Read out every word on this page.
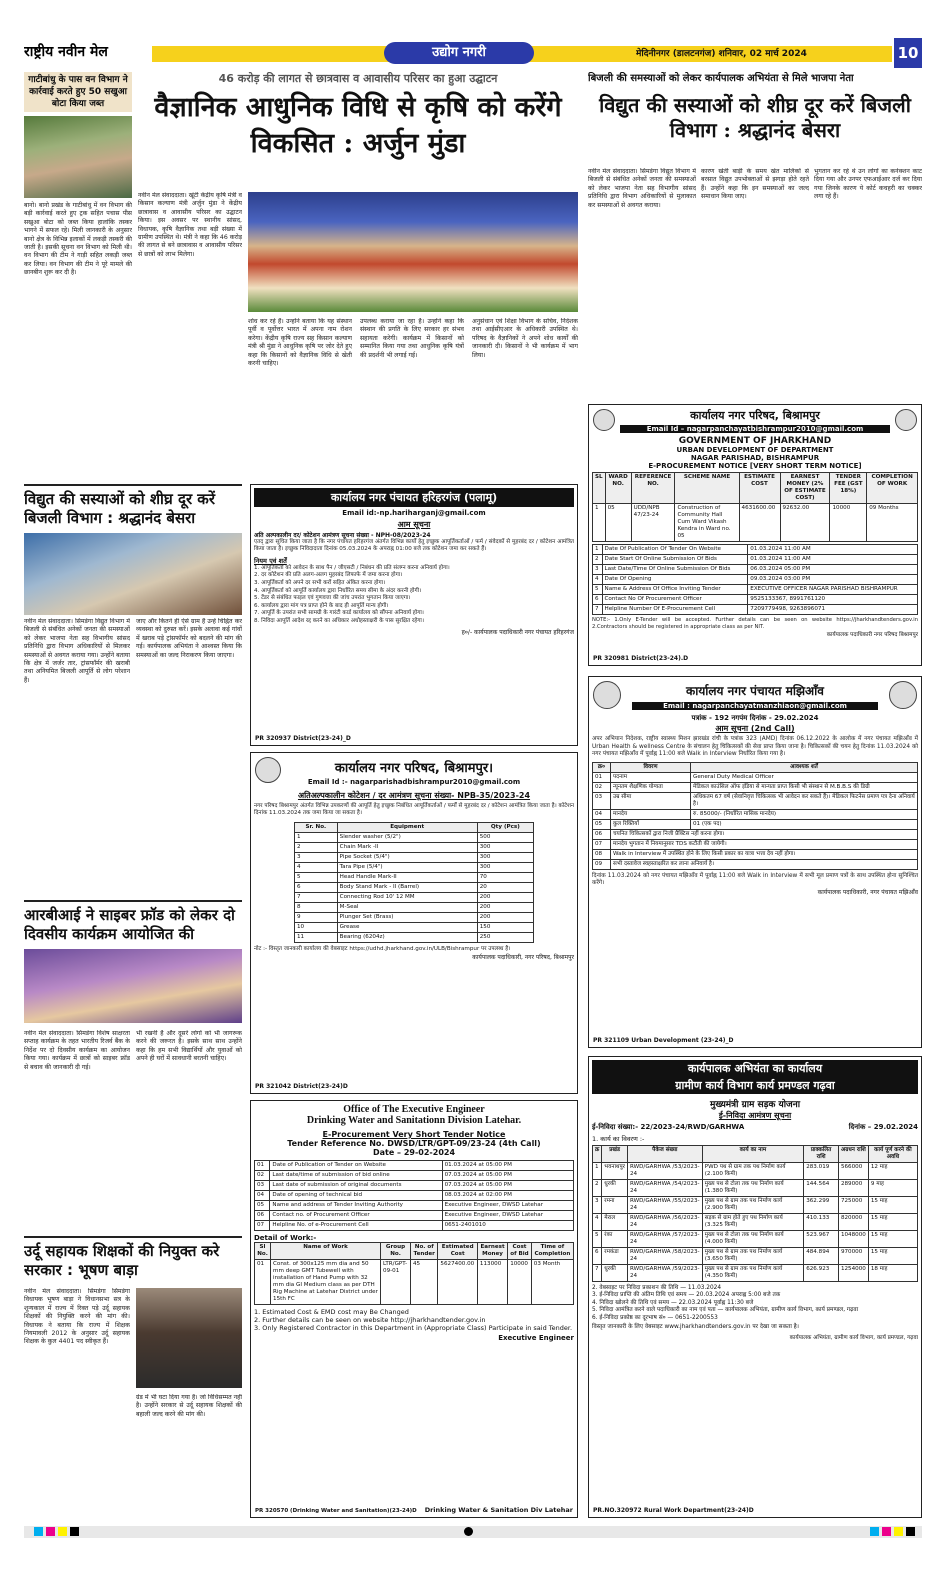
राष्ट्रीय नवीन मेल	उद्योग नगरी	मेदिनीनगर (डालटनगंज) शनिवार, 02 मार्च 2024	10
गाटीबांधु के पास वन विभाग ने कार्रवाई करते हुए 50 सखुआ बोटा किया जब्त
बानो। बानो प्रखंड के गाटीबांधु में वन विभाग की बड़ी कार्रवाई करते हुए ट्रक सहित पचास पीस सखुआ बोटा को जब्त किया हालांकि तस्कर भागने में सफल रहे। मिली जानकारी के अनुसार बानो क्षेत्र के विभिन्न इलाकों में लकड़ी तस्करी की जाती है। इसकी सूचना वन विभाग को मिली थी। वन विभाग की टीम ने गाड़ी सहित लकड़ी जब्त कर लिया। वन विभाग की टीम ने पूरे मामले की छानबीन शुरू कर दी है।
विद्युत की सस्याओं को शीघ्र दूर करें बिजली विभाग : श्रद्धानंद बेसरा
नवीन मेल संवाददाता। सिमडेगा विद्युत विभाग में बिजली से संबंधित अनेकों जनता की समस्याओं को लेकर भाजपा नेता सह विभागीय सांसद प्रतिनिधि द्वारा विभाग अधिकारियों से मिलकर समस्याओं से अवगत कराया गया। उन्होंने बताया कि क्षेत्र में जर्जर तार, ट्रांसफॉर्मर की खराबी तथा अनियमित बिजली आपूर्ति से लोग परेशान हैं।
जाए और कितने ही ऐसे ग्राम हैं उन्हें चिह्नित कर व्यवस्था को दुरुस्त करें। इसके अलावा कई गांवों में खराब पड़े ट्रांसफॉर्मर को बदलने की मांग की गई। कार्यपालक अभियंता ने आश्वस्त किया कि समस्याओं का जल्द निराकरण किया जाएगा।
आरबीआई ने साइबर फ्रॉड को लेकर दो दिवसीय कार्यक्रम आयोजित की
नवीन मेल संवाददाता। सिमडेगा विशेष साक्षरता सप्ताह कार्यक्रम के तहत भारतीय रिजर्व बैंक के निर्देश पर दो दिवसीय कार्यक्रम का आयोजन किया गया। कार्यक्रम में छात्रों को साइबर फ्रॉड से बचाव की जानकारी दी गई।
भी रखनी है और दूसरे लोगों को भी जागरूक करने की जरूरत है। इसके साथ साथ उन्होंने कहा कि हम सभी विद्यार्थियों और युवाओं को अपने ही घरों में सावधानी बरतनी चाहिए।
उर्दू सहायक शिक्षकों की नियुक्त करे सरकार : भूषण बाड़ा
नवीन मेल संवाददाता। सिमडेगा सिमडेगा विधायक भूषण बाड़ा ने विधानसभा सत्र के शून्यकाल में राज्य में रिक्त पड़े उर्दू सहायक शिक्षकों की नियुक्ति करने की मांग की। विधायक ने बताया कि राज्य में शिक्षक नियमावली 2012 के अनुसार उर्दू सहायक शिक्षक के कुल 4401 पद स्वीकृत हैं।
ग्रेड में भी घटा दिया गया है। जो विधिसम्मत नहीं है। उन्होंने सरकार से उर्दू सहायक शिक्षकों की बहाली जल्द करने की मांग की।
46 करोड़ की लागत से छात्रवास व आवासीय परिसर का हुआ उद्घाटन
वैज्ञानिक आधुनिक विधि से कृषि को करेंगे विकसित : अर्जुन मुंडा
नवीन मेल संवाददाता। खूंटी केंद्रीय कृषि मंत्री व किसान कल्याण मंत्री अर्जुन मुंडा ने केंद्रीय छात्रावास व आवासीय परिसर का उद्घाटन किया। इस अवसर पर स्थानीय सांसद, विधायक, कृषि वैज्ञानिक तथा बड़ी संख्या में ग्रामीण उपस्थित थे। मंत्री ने कहा कि 46 करोड़ की लागत से बने छात्रावास व आवासीय परिसर से छात्रों को लाभ मिलेगा।
शोध कर रहे हैं। उन्होंने बताया कि यह संस्थान पूर्वी व पूर्वोत्तर भारत में अपना नाम रोशन करेगा। केंद्रीय कृषि राज्य सह किसान कल्याण मंत्री श्री मुंडा ने आधुनिक कृषि पर जोर देते हुए कहा कि किसानों को वैज्ञानिक विधि से खेती करनी चाहिए।
उपलब्ध कराया जा रहा है। उन्होंने कहा कि संस्थान की प्रगति के लिए सरकार हर संभव सहायता करेगी। कार्यक्रम में किसानों को सम्मानित किया गया तथा आधुनिक कृषि यंत्रों की प्रदर्शनी भी लगाई गई।
अनुसंधान एवं शिक्षा विभाग के सचिव, निदेशक तथा आईसीएआर के अधिकारी उपस्थित थे। परिषद के वैज्ञानिकों ने अपने शोध कार्यों की जानकारी दी। किसानों ने भी कार्यक्रम में भाग लिया।
बिजली की समस्याओं को लेकर कार्यपालक अभियंता से मिले भाजपा नेता
विद्युत की सस्याओं को शीघ्र दूर करें बिजली विभाग : श्रद्धानंद बेसरा
नवीन मेल संवाददाता। सिमडेगा विद्युत विभाग में बिजली से संबंधित अनेकों जनता की समस्याओं को लेकर भाजपा नेता सह विभागीय सांसद प्रतिनिधि द्वारा विभाग अधिकारियों से मुलाकात कर समस्याओं से अवगत कराया।
कारण खेती बाड़ी के समय खेत मालिकों से बरसात विद्युत उपभोक्ताओं से झगड़ा होते रहते हैं। उन्होंने कहा कि इन समस्याओं का जल्द समाधान किया जाए।
भुगतान कर रहे थे उन लोगों का कनेक्शन काट दिया गया और उनपर एफआईआर दर्ज कर दिया गया जिनके कारण ये कोर्ट कचहरी का चक्कर लगा रहे हैं।
कार्यालय नगर पंचायत हरिहरगंज (पलामू)
Email id:-np.hariharganj@gmail.com
आम सूचना
अति अल्पकालीन दर/ कोटेशन आमंत्रण सूचना संख्या - NPH-08/2023-24
एतद् द्वारा सूचित किया जाता है कि नगर पंचायत हरिहरगंज अंतर्गत विभिन्न कार्यों हेतु इच्छुक आपूर्तिकर्ताओं / फर्म / संवेदकों से मुहरबंद दर / कोटेशन आमंत्रित किया जाता है। इच्छुक निविदादाता दिनांक 05.03.2024 के अपराह्न 01:00 बजे तक कोटेशन जमा कर सकते हैं।
नियम एवं शर्तें
1. आपूर्तिकर्ता को आवेदन के साथ पैन / जीएसटी / निबंधन की प्रति संलग्न करना अनिवार्य होगा।
2. दर कोटेशन की प्रति अलग-अलग मुहरबंद लिफाफे में जमा करना होगा।
3. आपूर्तिकर्ता को अपने दर सभी करों सहित अंकित करना होगा।
4. आपूर्तिकर्ता को आपूर्ति कार्यालय द्वारा निर्धारित समय सीमा के अंदर करनी होगी।
5. टेंडर से संबंधित फाइल एवं गुणवत्ता की जांच उपरांत भुगतान किया जाएगा।
6. कार्यालय द्वारा मांग पत्र प्राप्त होने के बाद ही आपूर्ति मान्य होगी।
7. आपूर्ति के उपरांत सभी सामग्री के गारंटी कार्ड कार्यालय को सौंपना अनिवार्य होगा।
8. निविदा आपूर्ति आदेश रद्द करने का अधिकार अधोहस्ताक्षरी के पास सुरक्षित रहेगा।
ह०/- कार्यपालक पदाधिकारी नगर पंचायत हरिहरगंज
PR 320937 District(23-24)_D
कार्यालय नगर परिषद, बिश्रामपुर।
Email Id :- nagarparishadbishrampur2010@gmail.com
अतिअल्पकालीन कोटेशन / दर आमंत्रण सूचना संख्या- NPB-35/2023-24
नगर परिषद बिश्रामपुर अंतर्गत विभिन्न उपकरणों की आपूर्ति हेतु इच्छुक निबंधित आपूर्तिकर्ताओं / फर्मों से मुहरबंद दर / कोटेशन आमंत्रित किया जाता है। कोटेशन दिनांक 11.03.2024 तक जमा किया जा सकता है।
Sr. No.	Equipment	Qty (Pcs)
1	Slender washer (5/2")	500
2	Chain Mark -II	300
3	Pipe Socket (5/4")	300
4	Tara Pipe (5/4")	300
5	Head Handle Mark-II	70
6	Body Stand Mark - II (Barrel)	20
7	Connecting Rod 10' 12 MM	200
8	M-Seal	200
9	Plunger Set (Brass)	200
10	Grease	150
11	Bearing (6204z)	250
नोट :- विस्तृत जानकारी कार्यालय की वेबसाइट https://udhd.jharkhand.gov.in/ULB/Bishrampur पर उपलब्ध है।
कार्यपालक पदाधिकारी, नगर परिषद, बिश्रामपुर
PR 321042 District(23-24)D
Office of The Executive Engineer
Drinking Water and Sanitationn Division Latehar.
E-Procurement Very Short Tender Notice
Tender Reference No. DWSD/LTR/GPT-09/23-24 (4th Call)
Date – 29-02-2024
01	Date of Publication of Tender on Website	01.03.2024 at 05:00 PM
02	Last date/time of submission of bid online	07.03.2024 at 05:00 PM
03	Last date of submission of original documents	07.03.2024 at 05:00 PM
04	Date of opening of technical bid	08.03.2024 at 02:00 PM
05	Name and address of Tender Inviting Authority	Executive Engineer, DWSD Latehar
06	Contact no. of Procurement Officer	Executive Engineer, DWSD Latehar
07	Helpline No. of e-Procurement Cell	0651-2401010
Detail of Work:-
Sl No.	Name of Work	Group No.	No. of Tender	Estimated Cost	Earnest Money	Cost of Bid	Time of Completion
01	Const. of 300x125 mm dia and 50 mm deep GMT Tubewell with installation of Hand Pump with 32 mm dia GI Medium class as per DTH Rig Machine at Latehar District under 15th FC	LTR/GPT-09-01	45	5627400.00	113000	10000	03 Month
1. Estimated Cost & EMD cost may Be Changed
2. Further details can be seen on website http://jharkhandtender.gov.in
3. Only Registered Contractor in this Department in (Appropriate Class) Participate in said Tender.
Executive Engineer
PR 320570 (Drinking Water and Sanitation)(23-24)D Drinking Water & Sanitation Div Latehar
कार्यालय नगर परिषद, बिश्रामपुर
Email Id – nagarpanchayatbishrampur2010@gmail.com
GOVERNMENT OF JHARKHAND
URBAN DEVELOPMENT OF DEPARTMENT
NAGAR PARISHAD, BISHRAMPUR
E-PROCUREMENT NOTICE [VERY SHORT TERM NOTICE]
SL	WARD NO.	REFERENCE NO.	SCHEME NAME	ESTIMATE COST	EARNEST MONEY (2% OF ESTIMATE COST)	TENDER FEE (GST 18%)	COMPLETION OF WORK
1	05	UDD/NPB 47/23-24	Construction of Community Hall Cum Ward Vikash Kendra in Ward no. 05	4631600.00	92632.00	10000	09 Months
1	Date Of Publication Of Tender On Website	01.03.2024 11:00 AM
2	Date Start Of Online Submission Of Bids	01.03.2024 11:00 AM
3	Last Date/Time Of Online Submission Of Bids	06.03.2024 05:00 PM
4	Date Of Opening	09.03.2024 03:00 PM
5	Name & Address Of Office Inviting Tender	EXECUTIVE OFFICER NAGAR PARISHAD BISHRAMPUR
6	Contact No Of Procurement Officer	9525133367, 8991761120
7	Helpline Number Of E-Procurement Cell	7209779498, 9263896071
NOTE:- 1.Only E-Tender will be accepted. Further details can be seen on website https://jharkhandtenders.gov.in 2.Contractors should be registered in appropriate class as per NIT.
कार्यपालक पदाधिकारी नगर परिषद बिश्रामपुर
PR 320981 District(23-24).D
कार्यालय नगर पंचायत मझिआँव
Email : nagarpanchayatmanzhiaon@gmail.com
पत्रांक - 192 नगपंम दिनांक - 29.02.2024
आम सूचना (2nd Call)
अपर अभियान निदेशक, राष्ट्रीय स्वास्थ्य मिशन झारखंड रांची के पत्रांक 323 (AMD) दिनांक 06.12.2022 के आलोक में नगर पंचायत मझिआँव में Urban Health & wellness Centre के संचालन हेतु चिकित्सकों की सेवा प्राप्त किया जाना है। चिकित्सकों की चयन हेतु दिनांक 11.03.2024 को नगर पंचायत मझिआँव में पूर्वाह्न 11:00 बजे Walk in Interview निर्धारित किया गया है।
क्र०	विवरण	आवश्यक शर्तें
01	पदनाम	General Duty Medical Officer
02	न्यूनतम शैक्षणिक योग्यता	मेडिकल काउंसिल ऑफ इंडिया से मान्यता प्राप्त किसी भी संस्थान से M.B.B.S की डिग्री
03	उम्र सीमा	अधिकतम 67 वर्ष (सेवानिवृत्त चिकित्सक भी आवेदन कर सकते हैं)। मेडिकल फिटनेस प्रमाण पत्र देना अनिवार्य है।
04	मानदेय	रु. 85000/- (निर्धारित मासिक मानदेय)
05	कुल रिक्तियाँ	01 (एक पद)
06	चयनित चिकित्सकों द्वारा निजी प्रैक्टिस नहीं करना होगा।	
07	मानदेय भुगतान में नियमानुसार TDS कटौती की जायेगी।	
08	Walk in Interview में उपस्थित होने के लिए किसी प्रकार का यात्रा भत्ता देय नहीं होगा।	
09	सभी दस्तावेज स्वहस्ताक्षरित कर लाना अनिवार्य है।	
दिनांक 11.03.2024 को नगर पंचायत मझिआँव में पूर्वाह्न 11:00 बजे Walk in Interview में सभी मूल प्रमाण पत्रों के साथ उपस्थित होना सुनिश्चित करेंगे।
कार्यपालक पदाधिकारी, नगर पंचायत मझिआँव
PR 321109 Urban Development (23-24)_D
कार्यपालक अभियंता का कार्यालय
ग्रामीण कार्य विभाग कार्य प्रमण्डल गढ़वा
मुख्यमंत्री ग्राम सड़क योजना
ई-निविदा आमंत्रण सूचना
ई-निविदा संख्या:- 22/2023-24/RWD/GARHWA	दिनांक – 29.02.2024
1. कार्य का विवरण :-
क्र	प्रखंड	पैकेज संख्या	कार्य का नाम	प्राक्कलित राशि	अग्रधन राशि	कार्य पूर्ण करने की अवधि
1	भवनाथपुर	RWD/GARHWA /53/2023-24	PWD पथ से ग्राम तक पथ निर्माण कार्य (2.100 किमी)	283.019	566000	12 माह
2	धुरकी	RWD/GARHWA /54/2023-24	मुख्य पथ से टोला तक पथ निर्माण कार्य (1.380 किमी)	144.564	289000	9 माह
3	रमना	RWD/GARHWA /55/2023-24	मुख्य पथ से ग्राम तक पथ निर्माण कार्य (2.900 किमी)	362.299	725000	15 माह
4	मेराल	RWD/GARHWA /56/2023-24	सड़क से ग्राम होते हुए पथ निर्माण कार्य (3.325 किमी)	410.133	820000	15 माह
5	रंका	RWD/GARHWA /57/2023-24	मुख्य पथ से टोला तक पथ निर्माण कार्य (4.000 किमी)	523.967	1048000	15 माह
6	रमकंडा	RWD/GARHWA /58/2023-24	मुख्य पथ से ग्राम तक पथ निर्माण कार्य (3.650 किमी)	484.894	970000	15 माह
7	धुरकी	RWD/GARHWA /59/2023-24	मुख्य पथ से ग्राम तक पथ निर्माण कार्य (4.350 किमी)	626.923	1254000	18 माह
2. वेबसाइट पर निविदा प्रकाशन की तिथि — 11.03.2024
3. ई-निविदा प्राप्ति की अंतिम तिथि एवं समय — 20.03.2024 अपराह्न 5:00 बजे तक
4. निविदा खोलने की तिथि एवं समय — 22.03.2024 पूर्वाह्न 11:30 बजे
5. निविदा आमंत्रित करने वाले पदाधिकारी का नाम एवं पता — कार्यपालक अभियंता, ग्रामीण कार्य विभाग, कार्य प्रमण्डल, गढ़वा
6. ई-निविदा प्रकोष्ठ का दूरभाष सं० — 0651-2200553
विस्तृत जानकारी के लिए वेबसाइट www.jharkhandtenders.gov.in पर देखा जा सकता है।
कार्यपालक अभियंता, ग्रामीण कार्य विभाग, कार्य प्रमण्डल, गढ़वा
PR.NO.320972 Rural Work Department(23-24)D
